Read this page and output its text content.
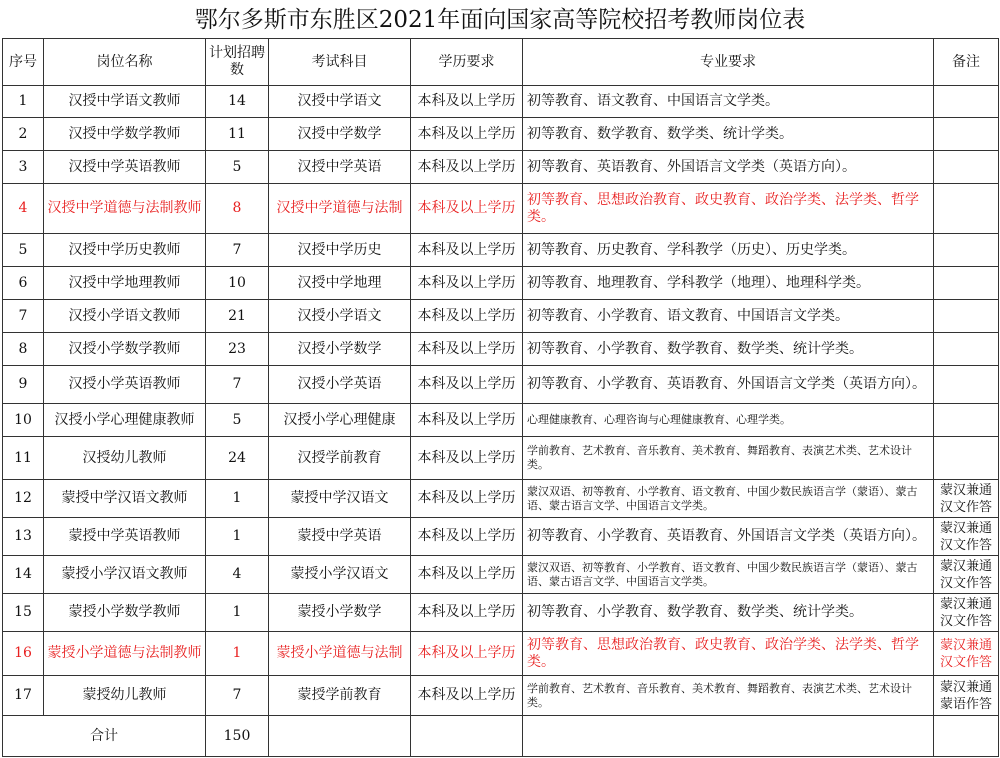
鄂尔多斯市东胜区2021年面向国家高等院校招考教师岗位表
序号	岗位名称	计划招聘数	考试科目	学历要求	专业要求	备注
1	汉授中学语文教师	14	汉授中学语文	本科及以上学历	初等教育、语文教育、中国语言文学类。	
2	汉授中学数学教师	11	汉授中学数学	本科及以上学历	初等教育、数学教育、数学类、统计学类。	
3	汉授中学英语教师	5	汉授中学英语	本科及以上学历	初等教育、英语教育、外国语言文学类（英语方向）。	
4	汉授中学道德与法制教师	8	汉授中学道德与法制	本科及以上学历	初等教育、思想政治教育、政史教育、政治学类、法学类、哲学类。	
5	汉授中学历史教师	7	汉授中学历史	本科及以上学历	初等教育、历史教育、学科教学（历史）、历史学类。	
6	汉授中学地理教师	10	汉授中学地理	本科及以上学历	初等教育、地理教育、学科教学（地理）、地理科学类。	
7	汉授小学语文教师	21	汉授小学语文	本科及以上学历	初等教育、小学教育、语文教育、中国语言文学类。	
8	汉授小学数学教师	23	汉授小学数学	本科及以上学历	初等教育、小学教育、数学教育、数学类、统计学类。	
9	汉授小学英语教师	7	汉授小学英语	本科及以上学历	初等教育、小学教育、英语教育、外国语言文学类（英语方向）。	
10	汉授小学心理健康教师	5	汉授小学心理健康	本科及以上学历	心理健康教育、心理咨询与心理健康教育、心理学类。	
11	汉授幼儿教师	24	汉授学前教育	本科及以上学历	学前教育、艺术教育、音乐教育、美术教育、舞蹈教育、表演艺术类、艺术设计类。	
12	蒙授中学汉语文教师	1	蒙授中学汉语文	本科及以上学历	蒙汉双语、初等教育、小学教育、语文教育、中国少数民族语言学（蒙语）、蒙古语、蒙古语言文学、中国语言文学类。	蒙汉兼通汉文作答
13	蒙授中学英语教师	1	蒙授中学英语	本科及以上学历	初等教育、小学教育、英语教育、外国语言文学类（英语方向）。	蒙汉兼通汉文作答
14	蒙授小学汉语文教师	4	蒙授小学汉语文	本科及以上学历	蒙汉双语、初等教育、小学教育、语文教育、中国少数民族语言学（蒙语）、蒙古语、蒙古语言文学、中国语言文学类。	蒙汉兼通汉文作答
15	蒙授小学数学教师	1	蒙授小学数学	本科及以上学历	初等教育、小学教育、数学教育、数学类、统计学类。	蒙汉兼通汉文作答
16	蒙授小学道德与法制教师	1	蒙授小学道德与法制	本科及以上学历	初等教育、思想政治教育、政史教育、政治学类、法学类、哲学类。	蒙汉兼通汉文作答
17	蒙授幼儿教师	7	蒙授学前教育	本科及以上学历	学前教育、艺术教育、音乐教育、美术教育、舞蹈教育、表演艺术类、艺术设计类。	蒙汉兼通蒙语作答
合计		150				
